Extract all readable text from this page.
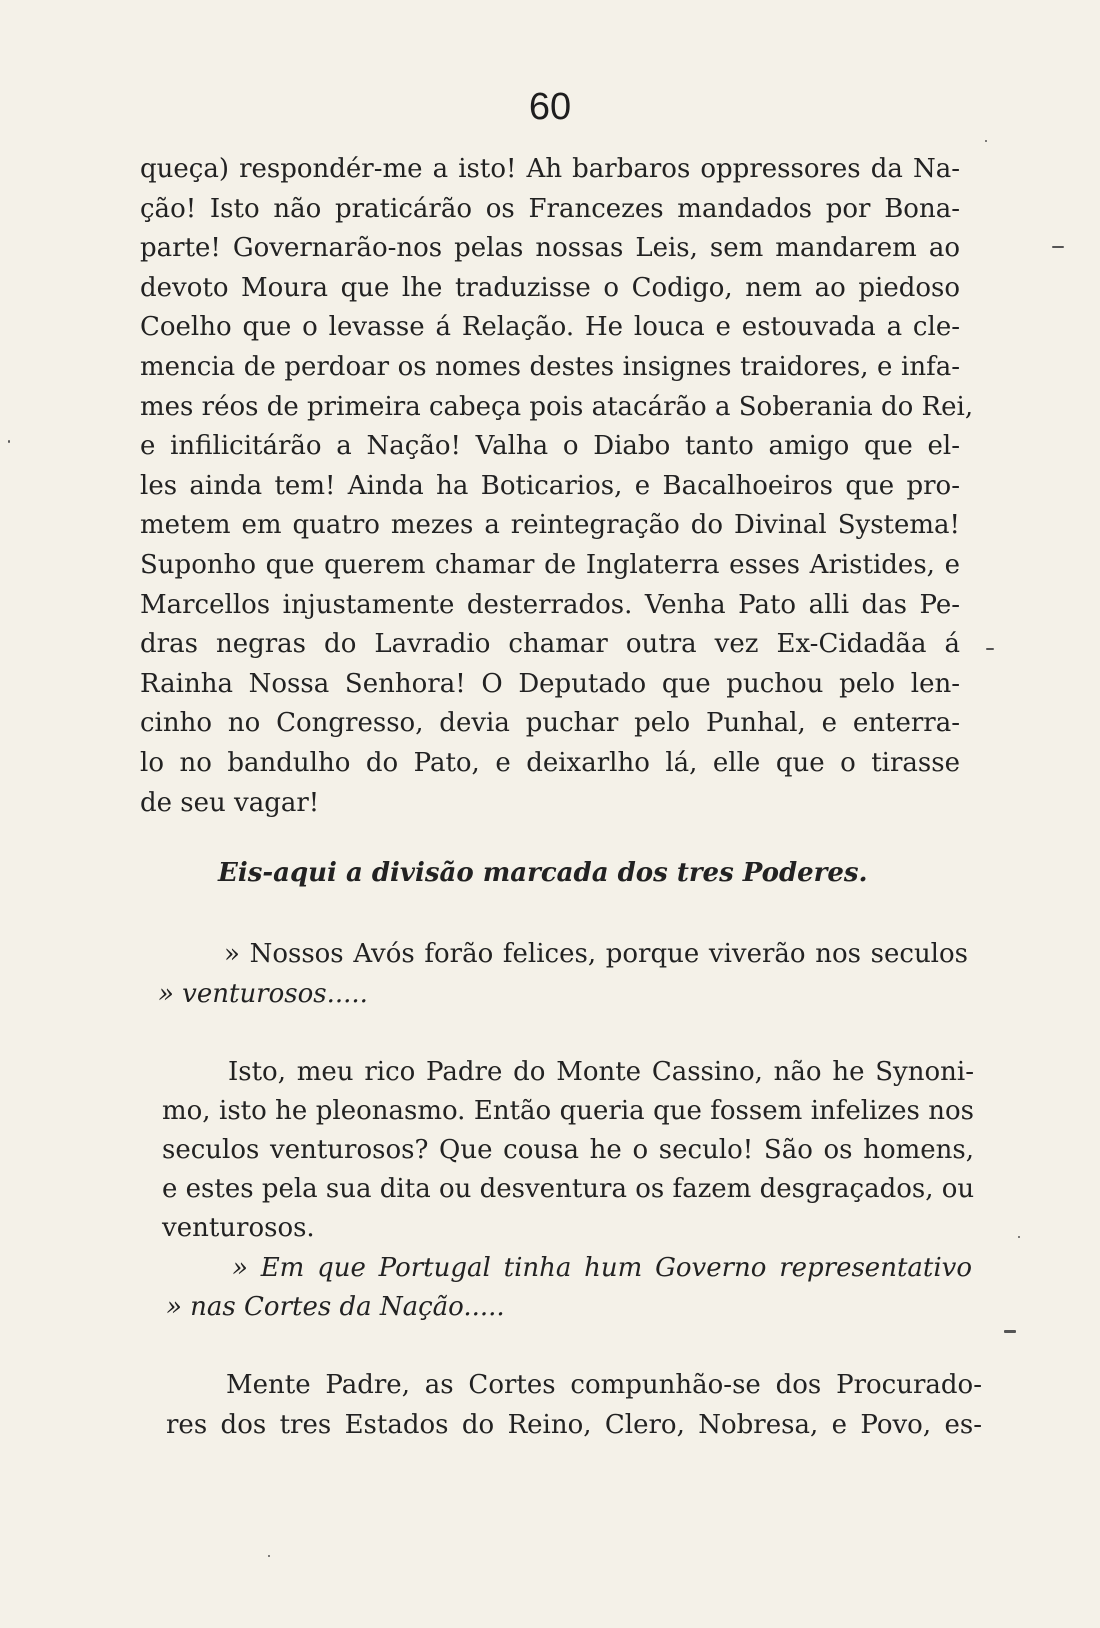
60
queça) respondér-me a isto! Ah barbaros oppressores da Na-
ção! Isto não praticárão os Francezes mandados por Bona-
parte! Governarão-nos pelas nossas Leis, sem mandarem ao
devoto Moura que lhe traduzisse o Codigo, nem ao piedoso
Coelho que o levasse á Relação. He louca e estouvada a cle-
mencia de perdoar os nomes destes insignes traidores, e infa-
mes réos de primeira cabeça pois atacárão a Soberania do Rei,
e infilicitárão a Nação! Valha o Diabo tanto amigo que el-
les ainda tem! Ainda ha Boticarios, e Bacalhoeiros que pro-
metem em quatro mezes a reintegração do Divinal Systema!
Suponho que querem chamar de Inglaterra esses Aristides, e
Marcellos injustamente desterrados. Venha Pato alli das Pe-
dras negras do Lavradio chamar outra vez Ex-Cidadãa á
Rainha Nossa Senhora! O Deputado que puchou pelo len-
cinho no Congresso, devia puchar pelo Punhal, e enterra-
lo no bandulho do Pato, e deixarlho lá, elle que o tirasse
de seu vagar!
Eis-aqui a divisão marcada dos tres Poderes.
» Nossos Avós forão felices, porque viverão nos seculos
» venturosos.....
Isto, meu rico Padre do Monte Cassino, não he Synoni-
mo, isto he pleonasmo. Então queria que fossem infelizes nos
seculos venturosos? Que cousa he o seculo! São os homens,
e estes pela sua dita ou desventura os fazem desgraçados, ou
venturosos.
» Em que Portugal tinha hum Governo representativo
» nas Cortes da Nação.....
Mente Padre, as Cortes compunhão-se dos Procurado-
res dos tres Estados do Reino, Clero, Nobresa, e Povo, es-
